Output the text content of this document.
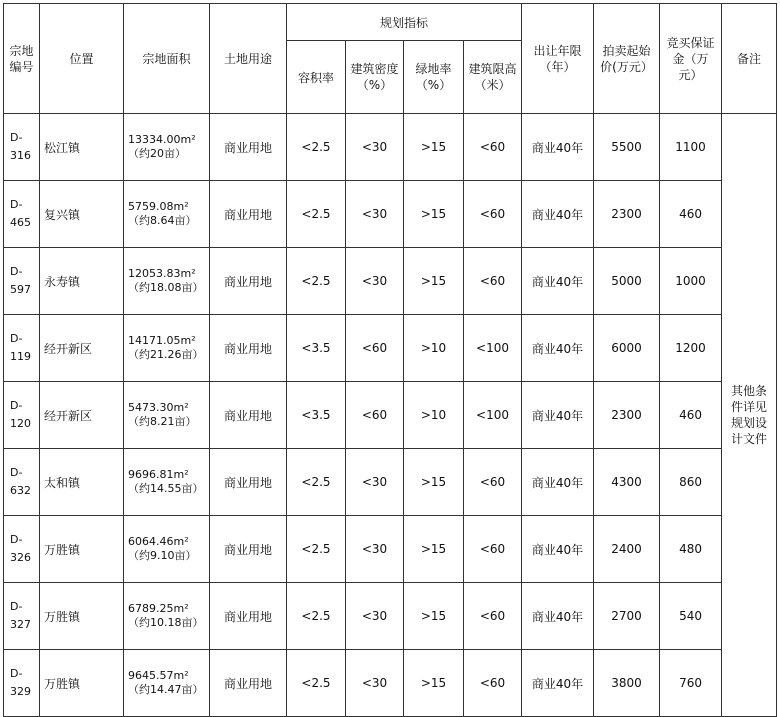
宗地编号	位置	宗地面积	土地用途	规划指标				出让年限（年）	拍卖起始价(万元）	竞买保证金（万元）	备注
				容积率	建筑密度（%）	绿地率（%）	建筑限高（米）				
D-316	松江镇	13334.00m²（约20亩）	商业用地	<2.5	<30	>15	<60	商业40年	5500	1100	其他条件详见规划设计文件
D-465	复兴镇	5759.08m²（约8.64亩）	商业用地	<2.5	<30	>15	<60	商业40年	2300	460	
D-597	永寿镇	12053.83m²（约18.08亩）	商业用地	<2.5	<30	>15	<60	商业40年	5000	1000	
D-119	经开新区	14171.05m²（约21.26亩）	商业用地	<3.5	<60	>10	<100	商业40年	6000	1200	
D-120	经开新区	5473.30m²（约8.21亩）	商业用地	<3.5	<60	>10	<100	商业40年	2300	460	
D-632	太和镇	9696.81m²（约14.55亩）	商业用地	<2.5	<30	>15	<60	商业40年	4300	860	
D-326	万胜镇	6064.46m²（约9.10亩）	商业用地	<2.5	<30	>15	<60	商业40年	2400	480	
D-327	万胜镇	6789.25m²（约10.18亩）	商业用地	<2.5	<30	>15	<60	商业40年	2700	540	
D-329	万胜镇	9645.57m²（约14.47亩）	商业用地	<2.5	<30	>15	<60	商业40年	3800	760	
